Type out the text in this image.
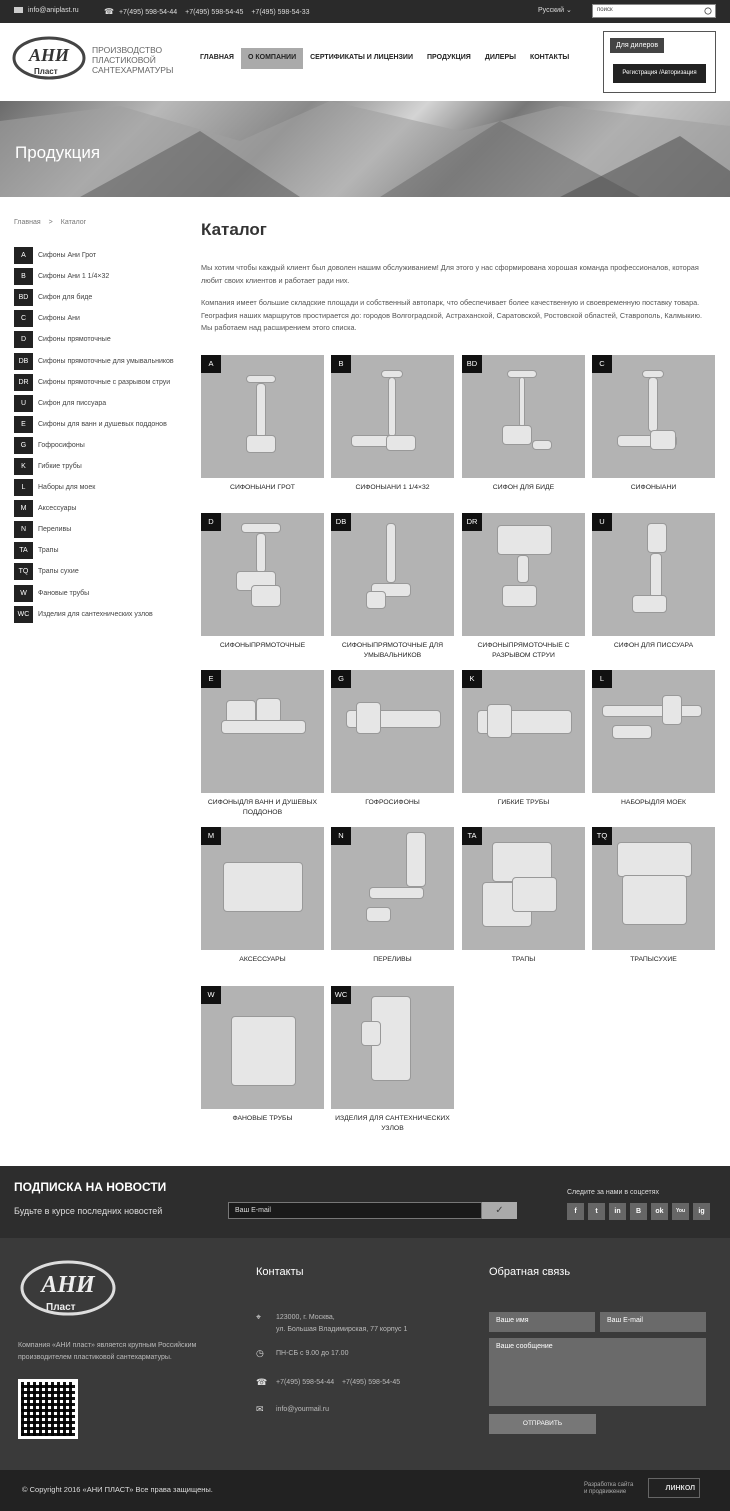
info@aniplast.ru	☎ +7(495) 598-54-44 +7(495) 598-54-45 +7(495) 598-54-33	Русский ⌄	поиск
АНИ
Пласт
ПРОИЗВОДСТВО
ПЛАСТИКОВОЙ
САНТЕХАРМАТУРЫ
ГЛАВНАЯ	О КОМПАНИИ	СЕРТИФИКАТЫ И ЛИЦЕНЗИИ	ПРОДУКЦИЯ	ДИЛЕРЫ	КОНТАКТЫ
Для дилеров
Регистрация /Авторизация
Продукция
Главная > Каталог
A	Сифоны Ани Грот
B	Сифоны Ани 1 1/4×32
BD	Сифон для биде
C	Сифоны Ани
D	Сифоны прямоточные
DB	Сифоны прямоточные для умывальников
DR	Сифоны прямоточные с разрывом струи
U	Сифон для писсуара
E	Сифоны для ванн и душевых поддонов
G	Гофросифоны
K	Гибкие трубы
L	Наборы для моек
M	Аксессуары
N	Переливы
TA	Трапы
TQ	Трапы сухие
W	Фановые трубы
WC	Изделия для сантехнических узлов
Каталог

Мы хотим чтобы каждый клиент был доволен нашим обслуживанием! Для этого у нас сформирована хорошая команда профессионалов, которая любит своих клиентов и работает ради них.

Компания имеет большие складские площади и собственный автопарк, что обеспечивает более качественную и своевременную поставку товара. География наших маршрутов простирается до: городов Волгоградской, Астраханской, Саратовской, Ростовской областей, Ставрополь, Калмыкию. Мы работаем над расширением этого списка.

A
СИФОНЫАНИ ГРОТ
B
СИФОНЫАНИ 1 1/4×32
BD
СИФОН ДЛЯ БИДЕ
C
СИФОНЫАНИ
D
СИФОНЫПРЯМОТОЧНЫЕ
DB
СИФОНЫПРЯМОТОЧНЫЕ ДЛЯ УМЫВАЛЬНИКОВ
DR
СИФОНЫПРЯМОТОЧНЫЕ С РАЗРЫВОМ СТРУИ
U
СИФОН ДЛЯ ПИССУАРА
E
СИФОНЫДЛЯ ВАНН И ДУШЕВЫХ ПОДДОНОВ
G
ГОФРОСИФОНЫ
K
ГИБКИЕ ТРУБЫ
L
НАБОРЫДЛЯ МОЕК
M
АКСЕССУАРЫ
N
ПЕРЕЛИВЫ
TA
ТРАПЫ
TQ
ТРАПЫСУХИЕ
W
ФАНОВЫЕ ТРУБЫ
WC
ИЗДЕЛИЯ ДЛЯ САНТЕХНИЧЕСКИХ УЗЛОВ
ПОДПИСКА НА НОВОСТИ
Будьте в курсе последних новостей	Ваш E-mail	✓
Следите за нами в соцсетях
f	t	in	B	ok	You	ig
АНИ
Пласт
Компания «АНИ пласт» является крупным Российским производителем пластиковой сантехарматуры.
Контакты
⌖	123000, г. Москва,
ул. Большая Владимирская, 77 корпус 1
◷	ПН-СБ с 9.00 до 17.00
☎ +7(495) 598-54-44    +7(495) 598-54-45
✉	info@yourmail.ru
Обратная связь
Ваше имя	Ваш E-mail
Ваше сообщение
ОТПРАВИТЬ
© Copyright 2016 «АНИ ПЛАСТ» Все права защищены.	Разработка сайта
и продвижение	ЛИНКОЛ
